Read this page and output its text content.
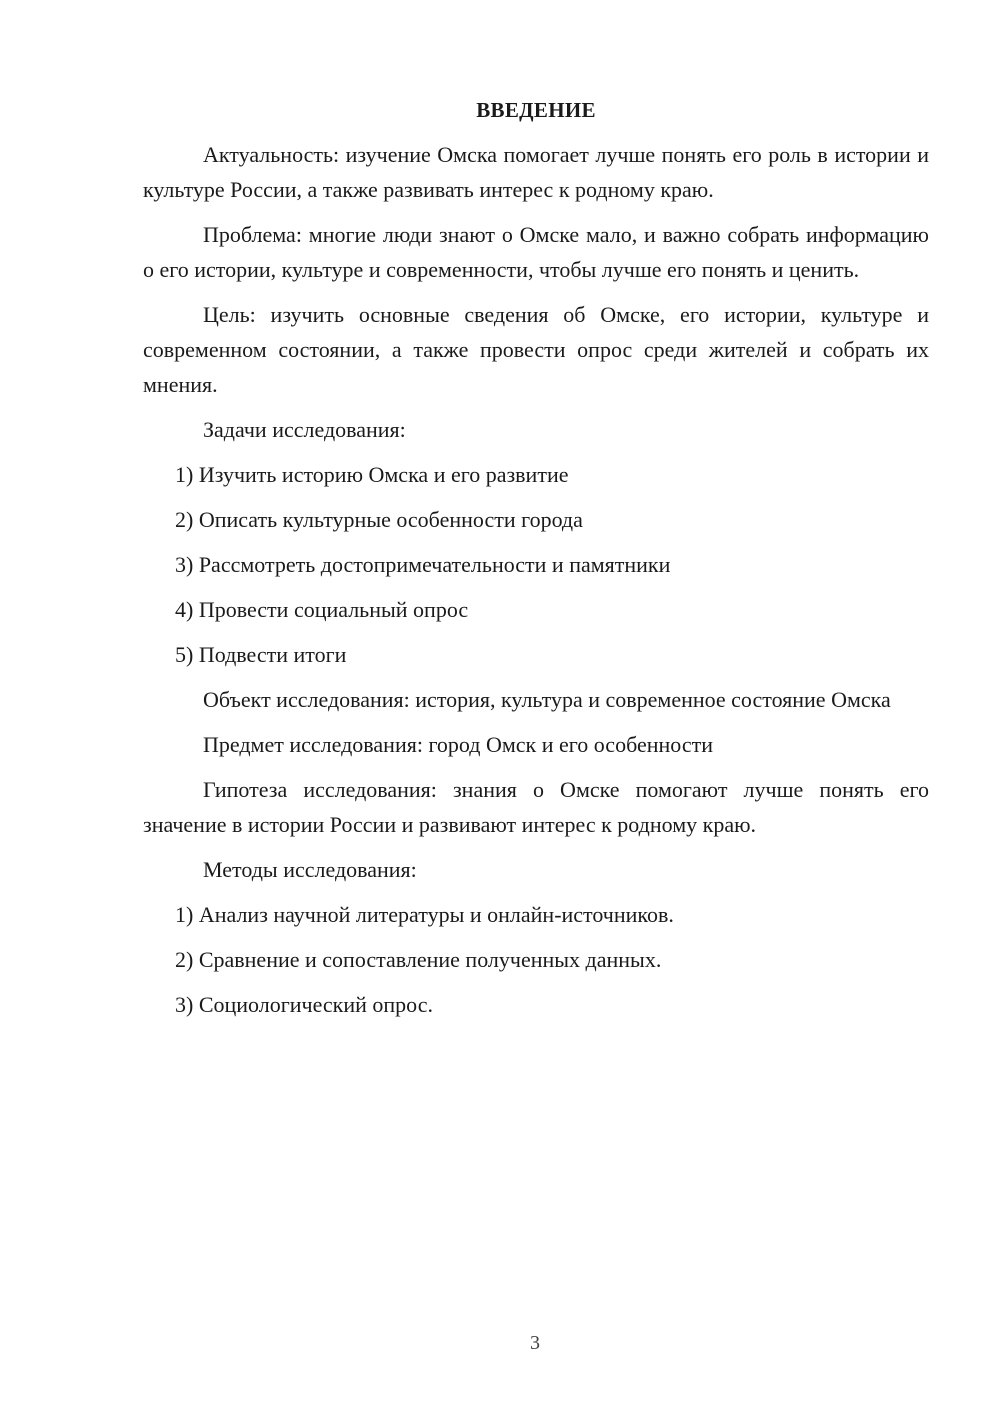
ВВЕДЕНИЕ

Актуальность: изучение Омска помогает лучше понять его роль в истории и культуре России, а также развивать интерес к родному краю.

Проблема: многие люди знают о Омске мало, и важно собрать информацию о его истории, культуре и современности, чтобы лучше его понять и ценить.

Цель: изучить основные сведения об Омске, его истории, культуре и современном состоянии, а также провести опрос среди жителей и собрать их мнения.

Задачи исследования:

1) Изучить историю Омска и его развитие
2) Описать культурные особенности города
3) Рассмотреть достопримечательности и памятники
4) Провести социальный опрос
5) Подвести итоги

Объект исследования: история, культура и современное состояние Омска

Предмет исследования: город Омск и его особенности

Гипотеза исследования: знания о Омске помогают лучше понять его значение в истории России и развивают интерес к родному краю.

Методы исследования:

1) Анализ научной литературы и онлайн-источников.
2) Сравнение и сопоставление полученных данных.
3) Социологический опрос.
3
